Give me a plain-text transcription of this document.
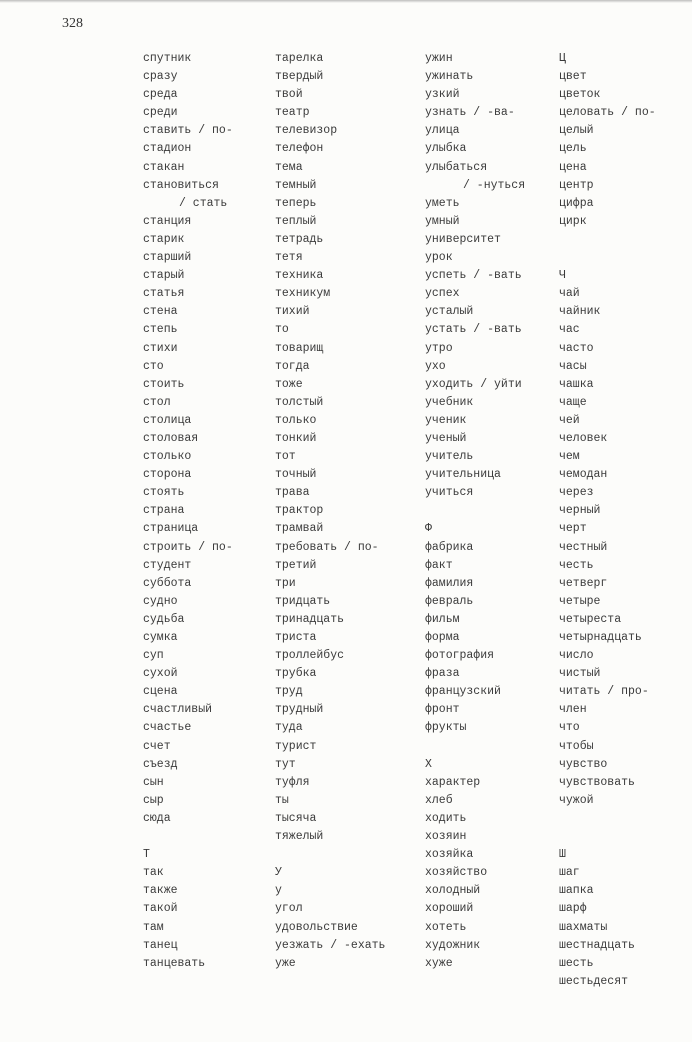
328
спутник
сразу
среда
среди
ставить / по-
стадион
стакан
становиться
/ стать
станция
старик
старший
старый
статья
стена
степь
стихи
сто
стоить
стол
столица
столовая
столько
сторона
стоять
страна
страница
строить / по-
студент
суббота
судно
судьба
сумка
суп
сухой
сцена
счастливый
счастье
счет
съезд
сын
сыр
сюда
Т
так
также
такой
там
танец
танцевать
тарелка
твердый
твой
театр
телевизор
телефон
тема
темный
теперь
теплый
тетрадь
тетя
техника
техникум
тихий
то
товарищ
тогда
тоже
толстый
только
тонкий
тот
точный
трава
трактор
трамвай
требовать / по-
третий
три
тридцать
тринадцать
триста
троллейбус
трубка
труд
трудный
туда
турист
тут
туфля
ты
тысяча
тяжелый
У
у
угол
удовольствие
уезжать / -ехать
уже
ужин
ужинать
узкий
узнать / -ва-
улица
улыбка
улыбаться
/ -нуться
уметь
умный
университет
урок
успеть / -вать
успех
усталый
устать / -вать
утро
ухо
уходить / уйти
учебник
ученик
ученый
учитель
учительница
учиться
Ф
фабрика
факт
фамилия
февраль
фильм
форма
фотография
фраза
французский
фронт
фрукты
Х
характер
хлеб
ходить
хозяин
хозяйка
хозяйство
холодный
хороший
хотеть
художник
хуже
Ц
цвет
цветок
целовать / по-
целый
цель
цена
центр
цифра
цирк
Ч
чай
чайник
час
часто
часы
чашка
чаще
чей
человек
чем
чемодан
через
черный
черт
честный
честь
четверг
четыре
четыреста
четырнадцать
число
чистый
читать / про-
член
что
чтобы
чувство
чувствовать
чужой
Ш
шаг
шапка
шарф
шахматы
шестнадцать
шесть
шестьдесят
